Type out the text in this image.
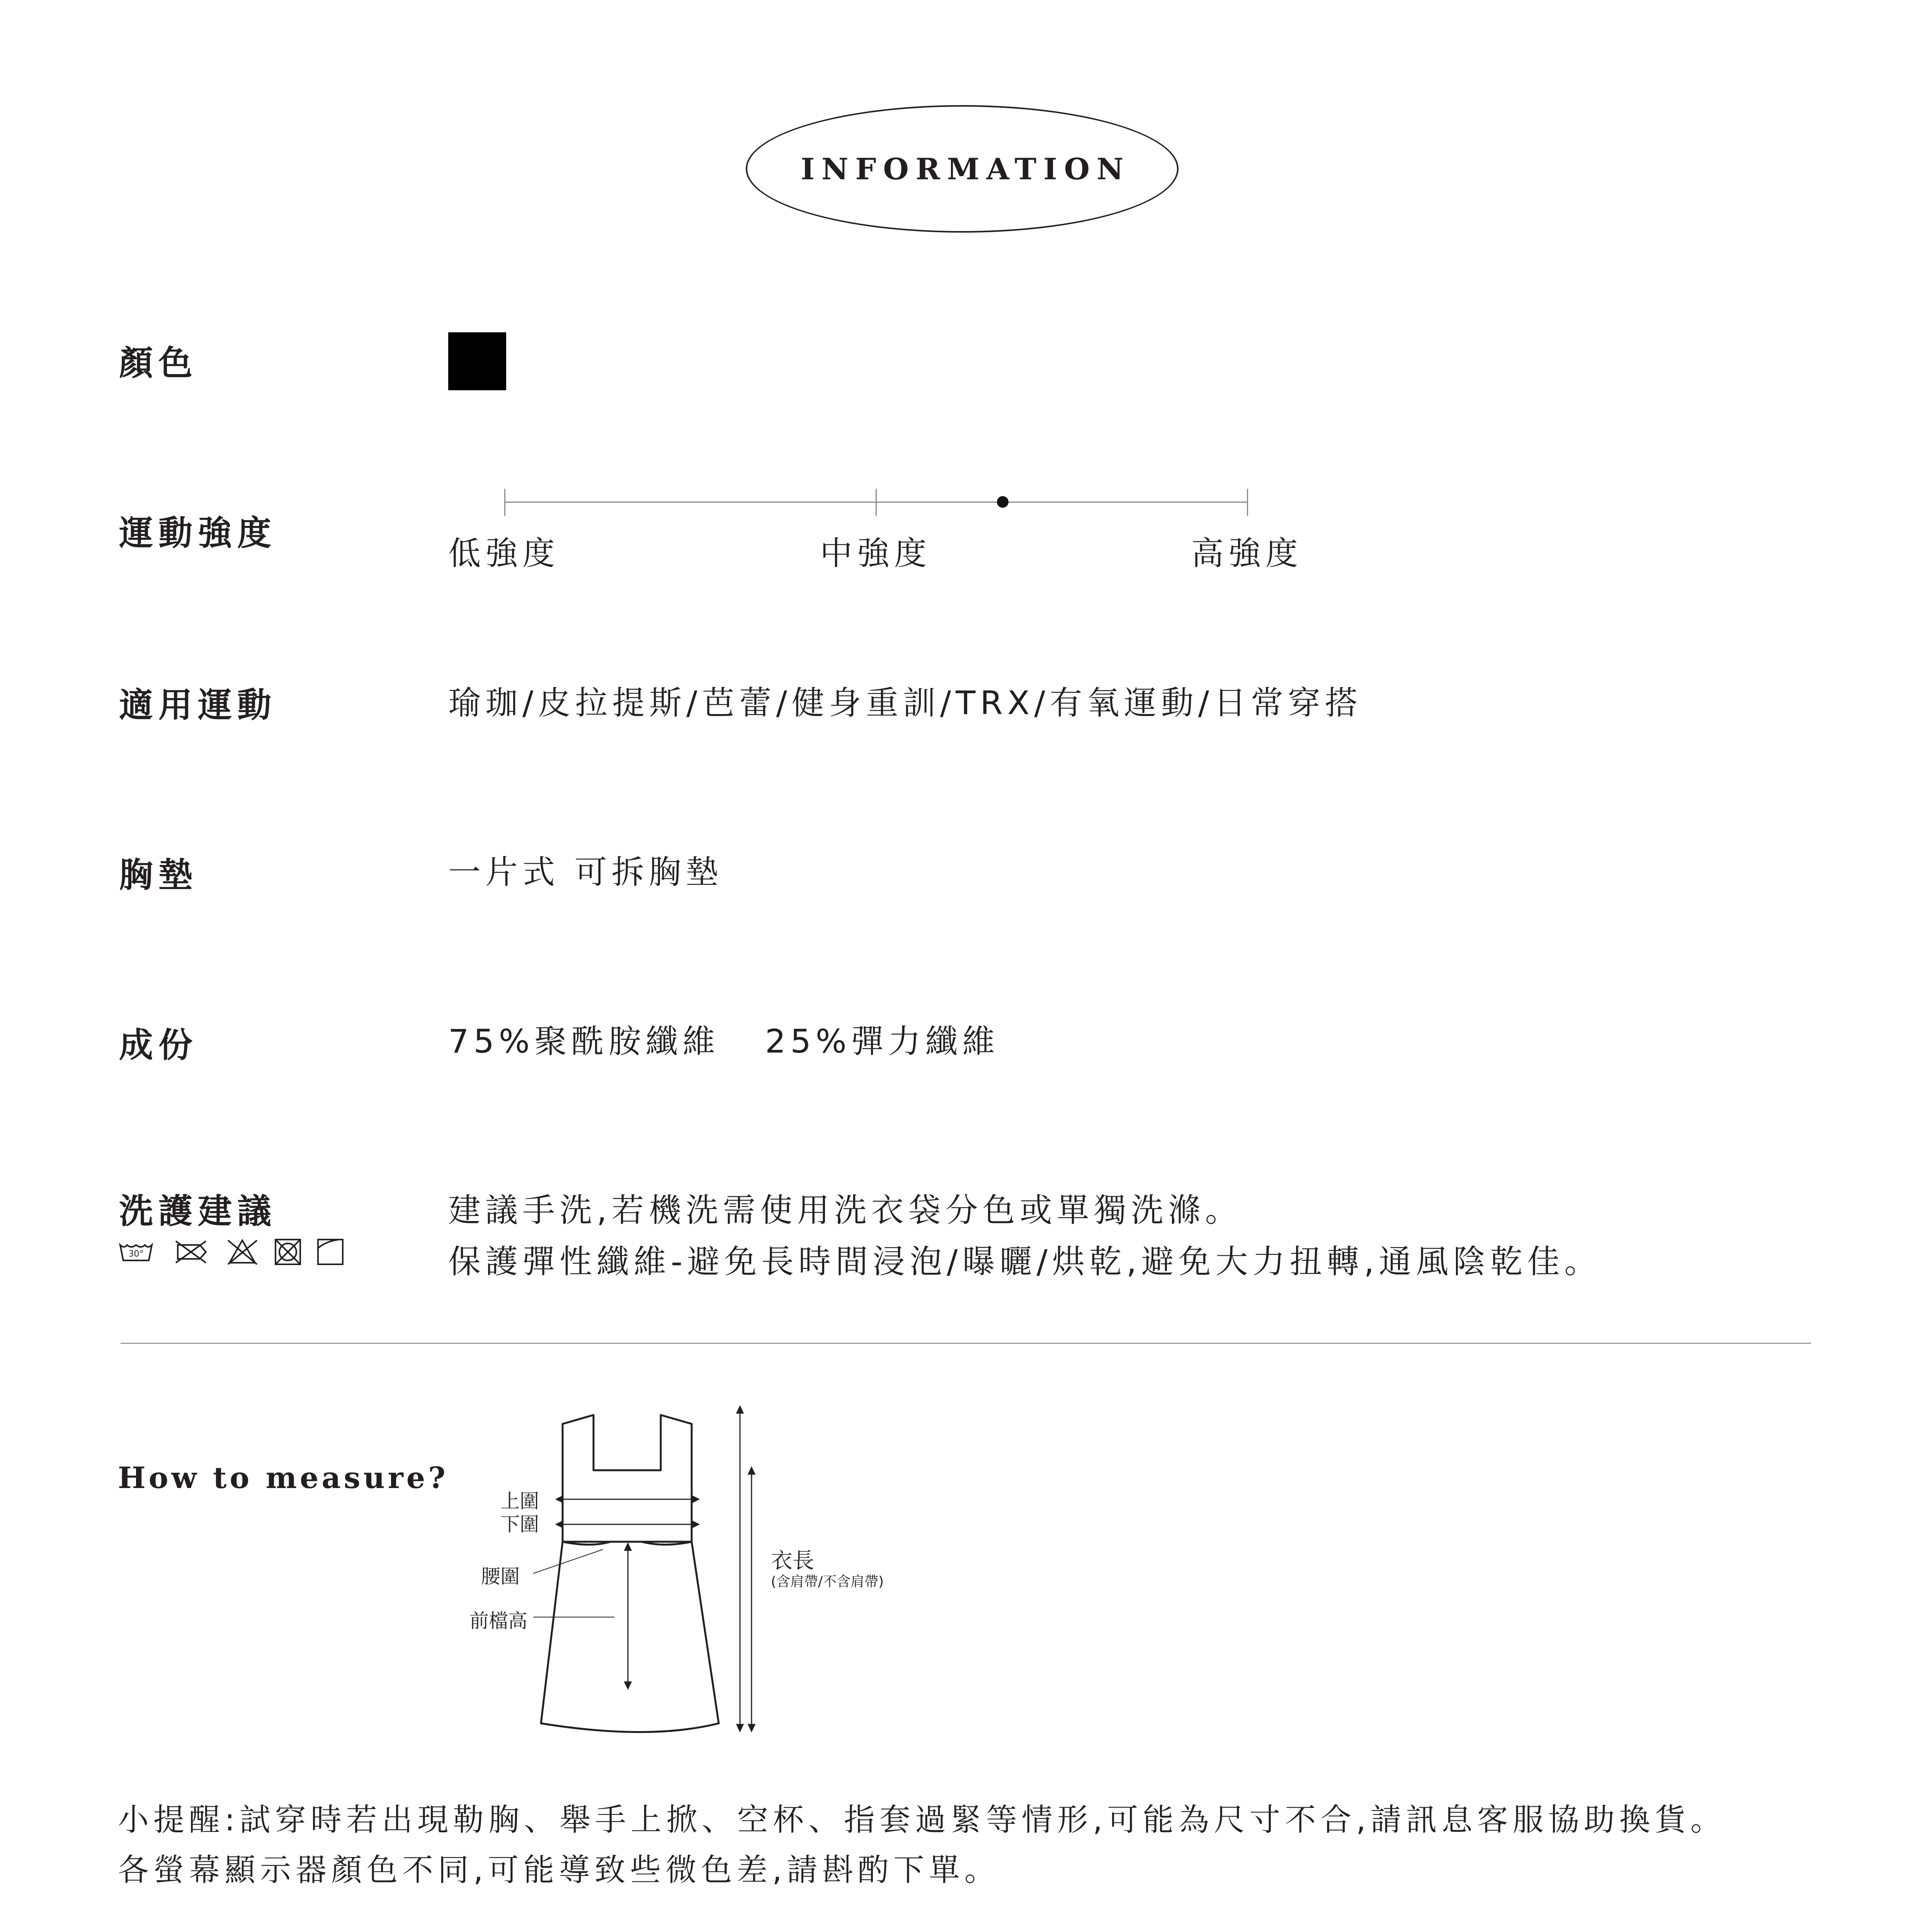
INFORMATION
顏色
運動強度
低強度	中強度	高強度
適用運動	瑜珈/皮拉提斯/芭蕾/健身重訓/TRX/有氧運動/日常穿搭
胸墊	一片式 可拆胸墊
成份	75%聚酰胺纖維 25%彈力纖維
洗護建議	建議手洗,若機洗需使用洗衣袋分色或單獨洗滌。
保護彈性纖維-避免長時間浸泡/曝曬/烘乾,避免大力扭轉,通風陰乾佳。
30°
How to measure?
上圍
下圍
腰圍
前檔高
衣長
(含肩帶/不含肩帶)
小提醒:試穿時若出現勒胸、舉手上掀、空杯、指套過緊等情形,可能為尺寸不合,請訊息客服協助換貨。
各螢幕顯示器顏色不同,可能導致些微色差,請斟酌下單。
